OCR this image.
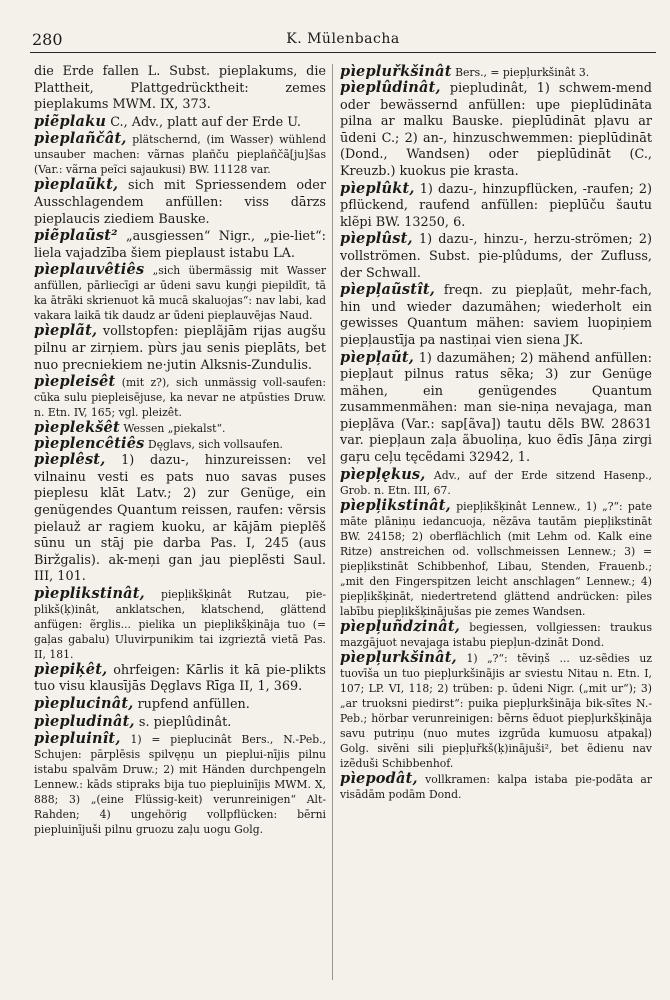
280	K. Mülenbacha
die Erde fallen L. Subst. pieplakums, die Plattheit, Plattgedrücktheit: zemes pieplakums MWM. IX, 373.
piẽplaku C., Adv., platt auf der Erde U.
pìeplañčât, plätschernd, (im Wasser) wühlend unsauber machen: vãrnas plañču pieplañčã[ju]šas (Var.: vãrna peĩci sajaukusi) BW. 11128 var.
pìeplaũkt, sich mit Spriessendem oder Ausschlagendem anfüllen: viss dārzs pieplaucis ziediem Bauske.
piẽplaũst² „ausgiessen“ Nigr., „pie-liet“: liela vajadzība šiem pieplaust istabu LA.
pìeplauvêtiês „sich übermässig mit Wasser anfüllen, pārliecīgi ar ūdeni savu kuņģi piepildīt, tā ka ātrāki skrienuot kā mucā skaluojas“: nav labi, kad vakara laikā tik daudz ar ūdeni pieplauvējas Naud.
pìeplãt, vollstopfen: pieplãjām rijas augšu pilnu ar zirņiem. pùrs jau senis pieplāts, bet nuo precniekiem ne·jutin Alksnis-Zundulis.
pìepleisêt (mit z?), sich unmässig voll-saufen: cūka sulu piepleisējuse, ka nevar ne atpūsties Druw. n. Etn. IV, 165; vgl. pleizêt.
pìeplekšêt Wessen „piekalst“.
pìeplencêtiês Dęglavs, sich vollsaufen.
pìeplêst, 1) dazu-, hinzureissen: vel vilnainu vesti es pats nuo savas puses pieplesu klāt Latv.; 2) zur Genüge, ein genügendes Quantum reissen, raufen: vẽrsis pielauž ar ragiem kuoku, ar kājām pieplẽš sūnu un stāj pie darba Pas. I, 245 (aus Biržgalis). ak-meņi gan jau pieplẽsti Saul. III, 101.
pìeplikstinât, piepļikšķinât Rutzau, pie-plikš(ķ)inât, anklatschen, klatschend, glättend anfügen: ẽrglis... pielika un piepļikšķināja tuo (= gaļas gabalu) Uluvirpunikim tai izgrieztā vietā Pas. II, 181.
pìepiķêt, ohrfeigen: Kārlis it kā pie-plikts tuo visu klausījās Dęglavs Rīga II, 1, 369.
pìeplucinât, rupfend anfüllen.
pìepludinât, s. pieplûdinât.
pìepluinît, 1) = pieplucinât Bers., N.-Peb., Schujen: pārplēsis spilvęņu un pieplui-nījis pilnu istabu spalvām Druw.; 2) mit Händen durchpengeln Lennew.: kāds stipraks bija tuo piepluinījis MWM. X, 888; 3) „(eine Flüssig-keit) verunreinigen“ Alt-Rahden; 4) ungehörig vollpflücken: bērni piepluinījuši pilnu gruozu zaļu uogu Golg.
pìepluřkšinât Bers., = piepļurkšinât 3.
pìeplûdinât, piepludinât, 1) schwem-mend oder bewässernd anfüllen: upe pieplūdināta pilna ar malku Bauske. pieplūdināt pļavu ar ūdeni C.; 2) an-, hinzuschwemmen: pieplūdināt (Dond., Wandsen) oder pieplūdināt (C., Kreuzb.) kuokus pie krasta.
pìeplûkt, 1) dazu-, hinzupflücken, -raufen; 2) pflückend, raufend anfüllen: pieplūču šautu klẽpi BW. 13250, 6.
pìeplûst, 1) dazu-, hinzu-, herzu-strömen; 2) vollströmen. Subst. pie-plûdums, der Zufluss, der Schwall.
pìepļaũstît, freqn. zu piepļaũt, mehr-fach, hin und wieder dazumähen; wiederholt ein gewisses Quantum mähen: saviem luopiņiem piepļaustīja pa nastiņai vien siena JK.
pìepļaũt, 1) dazumähen; 2) mähend anfüllen: piepļaut pilnus ratus sẽka; 3) zur Genüge mähen, ein genügendes Quantum zusammenmähen: man sie-niņa nevajaga, man piepļãva (Var.: sap[ãva]) tautu dẽls BW. 28631 var. piepļaun zaļa ãbuoliņa, kuo ẽdīs Jāņa zirgi gaŗu ceļu tęcẽdami 32942, 1.
pìepļękus, Adv., auf der Erde sitzend Hasenp., Grob. n. Etn. III, 67.
pìepļikstinât, piepļikšķinât Lennew., 1) „?“: pate māte plāniņu iedancuoja, nẽzāva tautām piepļikstināt BW. 24158; 2) oberflächlich (mit Lehm od. Kalk eine Ritze) anstreichen od. vollschmeissen Lennew.; 3) = piepļikstināt Schibbenhof, Libau, Stenden, Frauenb.; „mit den Fingerspitzen leicht anschlagen“ Lennew.; 4) piepļikšķināt, niedertretend glättend andrücken: pìles labību piepļikšķinājušas pie zemes Wandsen.
pìepļuñdzinât, begiessen, vollgiessen: traukus mazgājuot nevajaga istabu piepļun-dzināt Dond.
pìepļurkšinât, 1) „?“: tẽviņš ... uz-sẽdies uz tuovīša un tuo piepļurkšinājis ar sviestu Nitau n. Etn. I, 107; LP. VI, 118; 2) trüben: p. ūdeni Nigr. („mit ur“); 3) „ar truoksni piedirst“: puika piepļurkšināja bik-sītes N.-Peb.; hörbar verunreinigen: bẽrns ẽduot piepļurkšķināja savu putriņu (nuo mutes izgrūda kumuosu atpakaļ) Golg. sivẽni sili piepļuřkš(ķ)inājuši², bet ẽdienu nav izẽduši Schibbenhof.
pìepodât, vollkramen: kalpa istaba pie-podāta ar visādām podām Dond.
